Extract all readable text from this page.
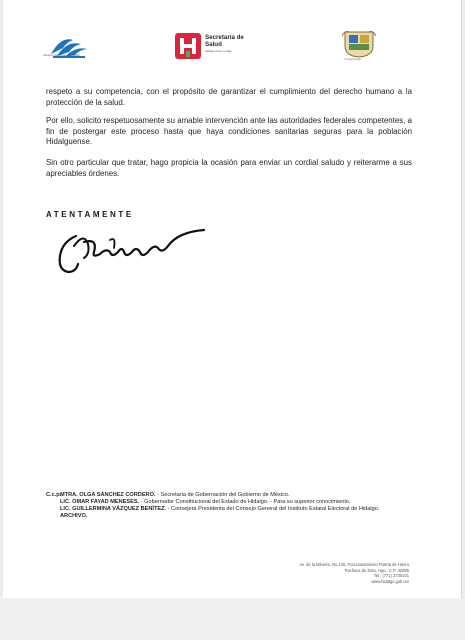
Gobierno del Estado de Hidalgo
Secretaría de
Salud
Hidalgo crece contigo
Consejo Estatal

respeto a su competencia, con el propósito de garantizar el cumplimiento del derecho humano a la protección de la salud.

Por ello, solicito respetuosamente su amable intervención ante las autoridades federales competentes, a fin de postergar este proceso hasta que haya condiciones sanitarias seguras para la población Hidalguense.

Sin otro particular que tratar, hago propicia la ocasión para enviar un cordial saludo y reiterarme a sus apreciables órdenes.

ATENTAMENTE
C.c.p.-
MTRA. OLGA SÁNCHEZ CORDERO. - Secretaria de Gobernación del Gobierno de México.
LIC. OMAR FAYAD MENESES. - Gobernador Constitucional del Estado de Hidalgo. - Para su superior conocimiento.
LIC. GUILLERMINA VÁZQUEZ BENÍTEZ. - Consejera Presidenta del Consejo General del Instituto Estatal Electoral de Hidalgo.
ARCHIVO.
Av. de la Minería, No.130, Fraccionamiento Puerta de Hierro
Pachuca de Soto, Hgo., C.P. 42086
Tel.: (771) 2730101
www.hidalgo.gob.mx
